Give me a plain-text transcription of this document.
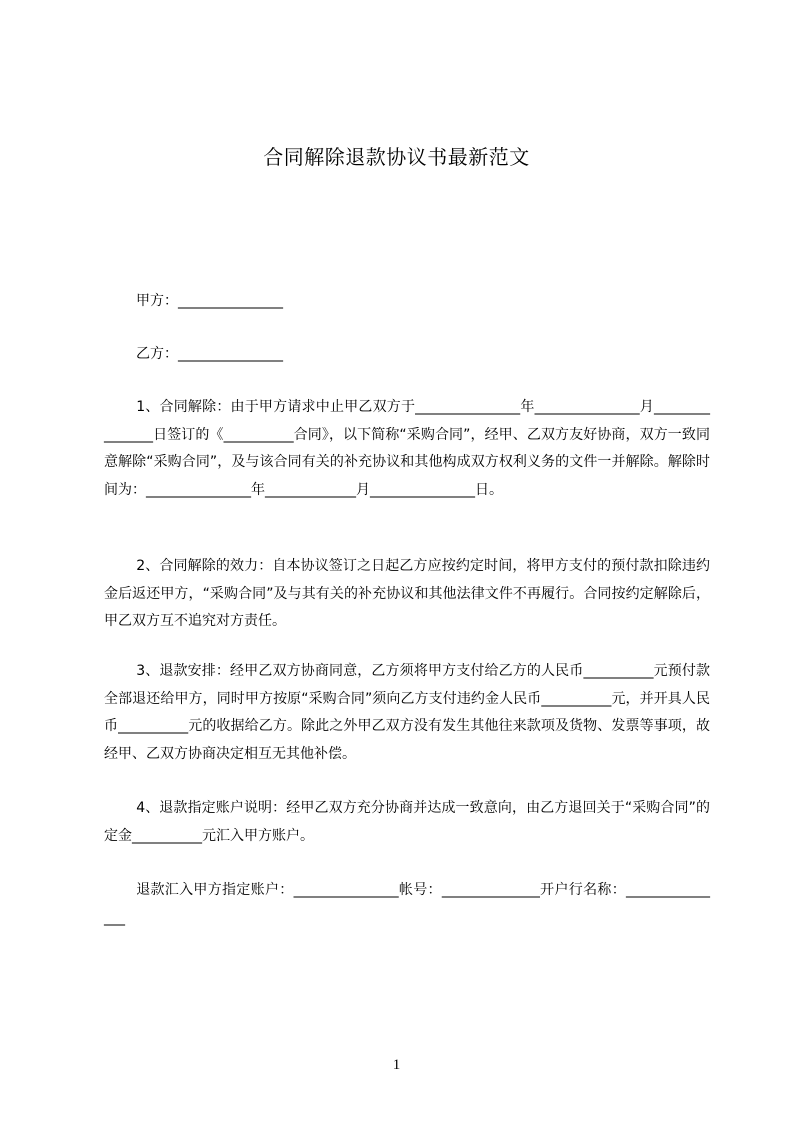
合同解除退款协议书最新范文
甲方：_______________
乙方：_______________
1、合同解除：由于甲方请求中止甲乙双方于_______________年_______________月_______________日签订的《__________合同》，以下简称“采购合同”，经甲、乙双方友好协商，双方一致同意解除“采购合同”，及与该合同有关的补充协议和其他构成双方权利义务的文件一并解除。解除时间为：_______________年_____________月_______________日。
2、合同解除的效力：自本协议签订之日起乙方应按约定时间，将甲方支付的预付款扣除违约金后返还甲方，“采购合同”及与其有关的补充协议和其他法律文件不再履行。合同按约定解除后，甲乙双方互不追究对方责任。
3、退款安排：经甲乙双方协商同意，乙方须将甲方支付给乙方的人民币__________元预付款全部退还给甲方，同时甲方按原“采购合同”须向乙方支付违约金人民币__________元，并开具人民币__________元的收据给乙方。除此之外甲乙双方没有发生其他往来款项及货物、发票等事项，故经甲、乙双方协商决定相互无其他补偿。
4、退款指定账户说明：经甲乙双方充分协商并达成一致意向，由乙方退回关于“采购合同”的定金__________元汇入甲方账户。
退款汇入甲方指定账户：_______________帐号：______________开户行名称：_______________
1
